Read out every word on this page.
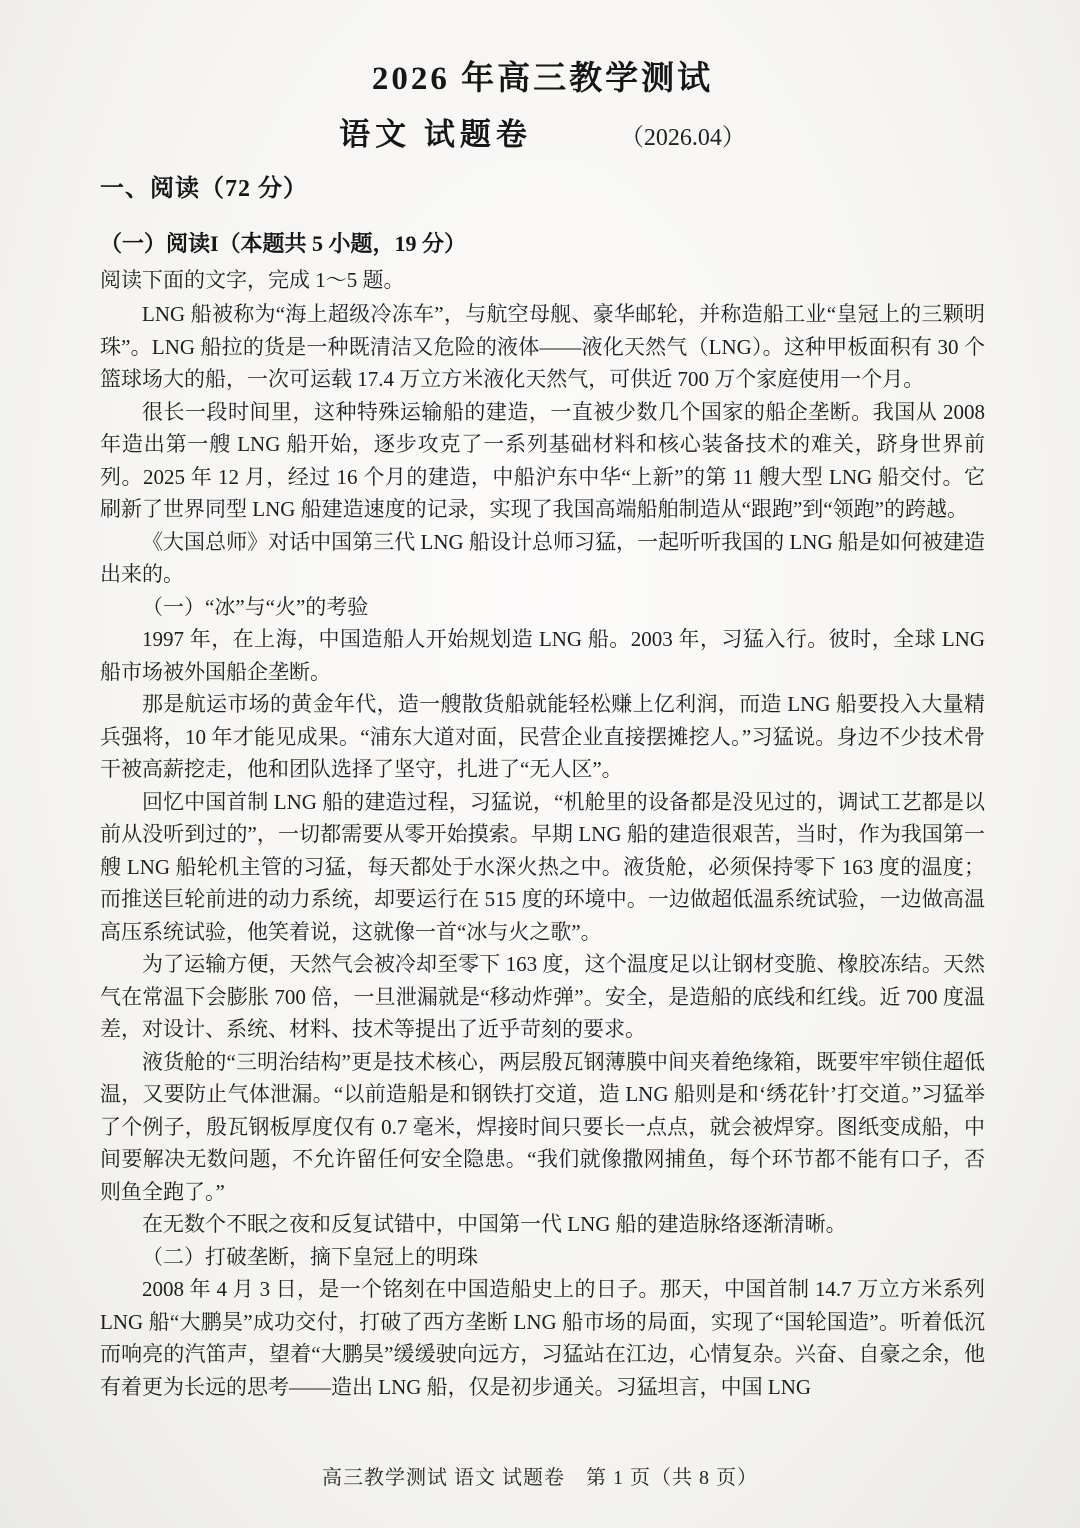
2026 年高三教学测试
语文 试题卷	（2026.04）
一、阅读（72 分）
（一）阅读I（本题共 5 小题，19 分）
阅读下面的文字，完成 1～5 题。

LNG 船被称为“海上超级冷冻车”，与航空母舰、豪华邮轮，并称造船工业“皇冠上的三颗明珠”。LNG 船拉的货是一种既清洁又危险的液体——液化天然气（LNG）。这种甲板面积有 30 个篮球场大的船，一次可运载 17.4 万立方米液化天然气，可供近 700 万个家庭使用一个月。

很长一段时间里，这种特殊运输船的建造，一直被少数几个国家的船企垄断。我国从 2008 年造出第一艘 LNG 船开始，逐步攻克了一系列基础材料和核心装备技术的难关，跻身世界前列。2025 年 12 月，经过 16 个月的建造，中船沪东中华“上新”的第 11 艘大型 LNG 船交付。它刷新了世界同型 LNG 船建造速度的记录，实现了我国高端船舶制造从“跟跑”到“领跑”的跨越。

《大国总师》对话中国第三代 LNG 船设计总师习猛，一起听听我国的 LNG 船是如何被建造出来的。

（一）“冰”与“火”的考验

1997 年，在上海，中国造船人开始规划造 LNG 船。2003 年，习猛入行。彼时，全球 LNG 船市场被外国船企垄断。

那是航运市场的黄金年代，造一艘散货船就能轻松赚上亿利润，而造 LNG 船要投入大量精兵强将，10 年才能见成果。“浦东大道对面，民营企业直接摆摊挖人。”习猛说。身边不少技术骨干被高薪挖走，他和团队选择了坚守，扎进了“无人区”。

回忆中国首制 LNG 船的建造过程，习猛说，“机舱里的设备都是没见过的，调试工艺都是以前从没听到过的”，一切都需要从零开始摸索。早期 LNG 船的建造很艰苦，当时，作为我国第一艘 LNG 船轮机主管的习猛，每天都处于水深火热之中。液货舱，必须保持零下 163 度的温度；而推送巨轮前进的动力系统，却要运行在 515 度的环境中。一边做超低温系统试验，一边做高温高压系统试验，他笑着说，这就像一首“冰与火之歌”。

为了运输方便，天然气会被冷却至零下 163 度，这个温度足以让钢材变脆、橡胶冻结。天然气在常温下会膨胀 700 倍，一旦泄漏就是“移动炸弹”。安全，是造船的底线和红线。近 700 度温差，对设计、系统、材料、技术等提出了近乎苛刻的要求。

液货舱的“三明治结构”更是技术核心，两层殷瓦钢薄膜中间夹着绝缘箱，既要牢牢锁住超低温，又要防止气体泄漏。“以前造船是和钢铁打交道，造 LNG 船则是和‘绣花针’打交道。”习猛举了个例子，殷瓦钢板厚度仅有 0.7 毫米，焊接时间只要长一点点，就会被焊穿。图纸变成船，中间要解决无数问题，不允许留任何安全隐患。“我们就像撒网捕鱼，每个环节都不能有口子，否则鱼全跑了。”

在无数个不眠之夜和反复试错中，中国第一代 LNG 船的建造脉络逐渐清晰。

（二）打破垄断，摘下皇冠上的明珠

2008 年 4 月 3 日，是一个铭刻在中国造船史上的日子。那天，中国首制 14.7 万立方米系列 LNG 船“大鹏昊”成功交付，打破了西方垄断 LNG 船市场的局面，实现了“国轮国造”。听着低沉而响亮的汽笛声，望着“大鹏昊”缓缓驶向远方，习猛站在江边，心情复杂。兴奋、自豪之余，他有着更为长远的思考——造出 LNG 船，仅是初步通关。习猛坦言，中国 LNG

高三教学测试 语文 试题卷　第 1 页（共 8 页）
